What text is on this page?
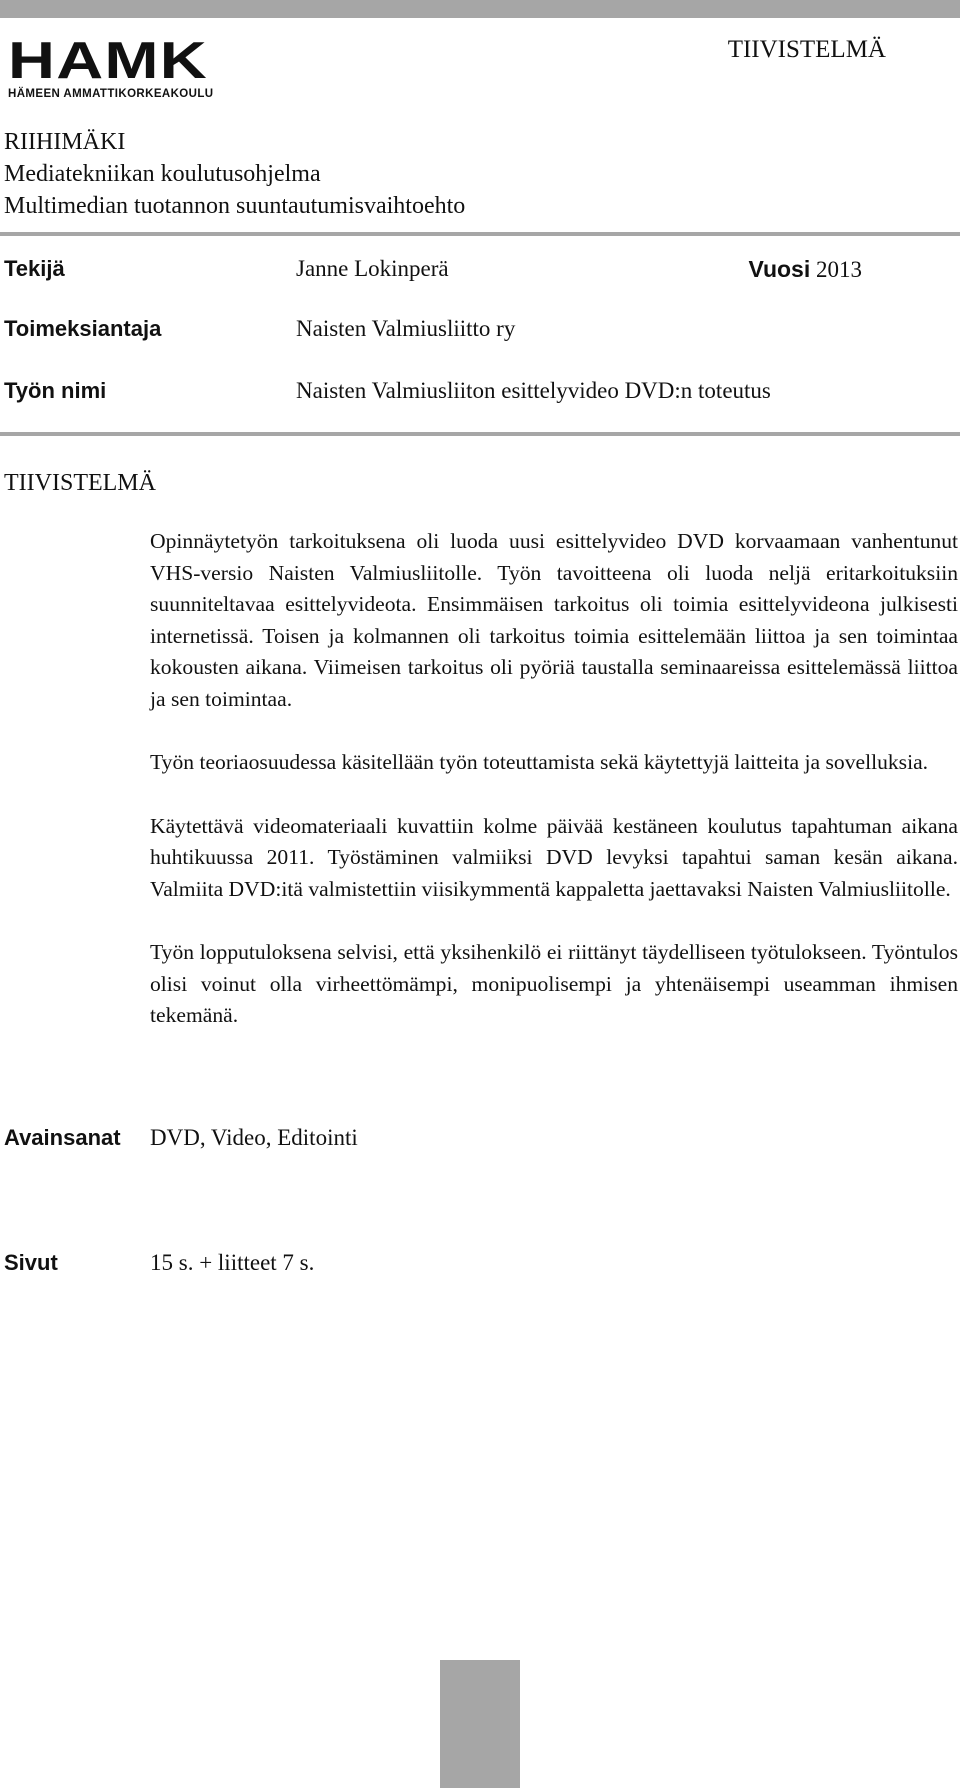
HAMK
HÄMEEN AMMATTIKORKEAKOULU
TIIVISTELMÄ
RIIHIMÄKI
Mediatekniikan koulutusohjelma
Multimedian tuotannon suuntautumisvaihtoehto
Tekijä	Janne Lokinperä	Vuosi 2013
Toimeksiantaja	Naisten Valmiusliitto ry
Työn nimi	Naisten Valmiusliiton esittelyvideo DVD:n toteutus
TIIVISTELMÄ

Opinnäytetyön tarkoituksena oli luoda uusi esittelyvideo DVD korvaamaan vanhentunut VHS-versio Naisten Valmiusliitolle. Työn tavoitteena oli luoda neljä eritarkoituksiin suunniteltavaa esittelyvideota. Ensimmäisen tarkoitus oli toimia esittelyvideona julkisesti internetissä. Toisen ja kolmannen oli tarkoitus toimia esittelemään liittoa ja sen toimintaa kokousten aikana. Viimeisen tarkoitus oli pyöriä taustalla seminaareissa esittelemässä liittoa ja sen toimintaa.

Työn teoriaosuudessa käsitellään työn toteuttamista sekä käytettyjä laitteita ja sovelluksia.

Käytettävä videomateriaali kuvattiin kolme päivää kestäneen koulutus tapahtuman aikana huhtikuussa 2011. Työstäminen valmiiksi DVD levyksi tapahtui saman kesän aikana. Valmiita DVD:itä valmistettiin viisikymmentä kappaletta jaettavaksi Naisten Valmiusliitolle.

Työn lopputuloksena selvisi, että yksihenkilö ei riittänyt täydelliseen työtulokseen. Työntulos olisi voinut olla virheettömämpi, monipuolisempi ja yhtenäisempi useamman ihmisen tekemänä.

Avainsanat DVD, Video, Editointi
Sivut	15 s. + liitteet 7 s.
